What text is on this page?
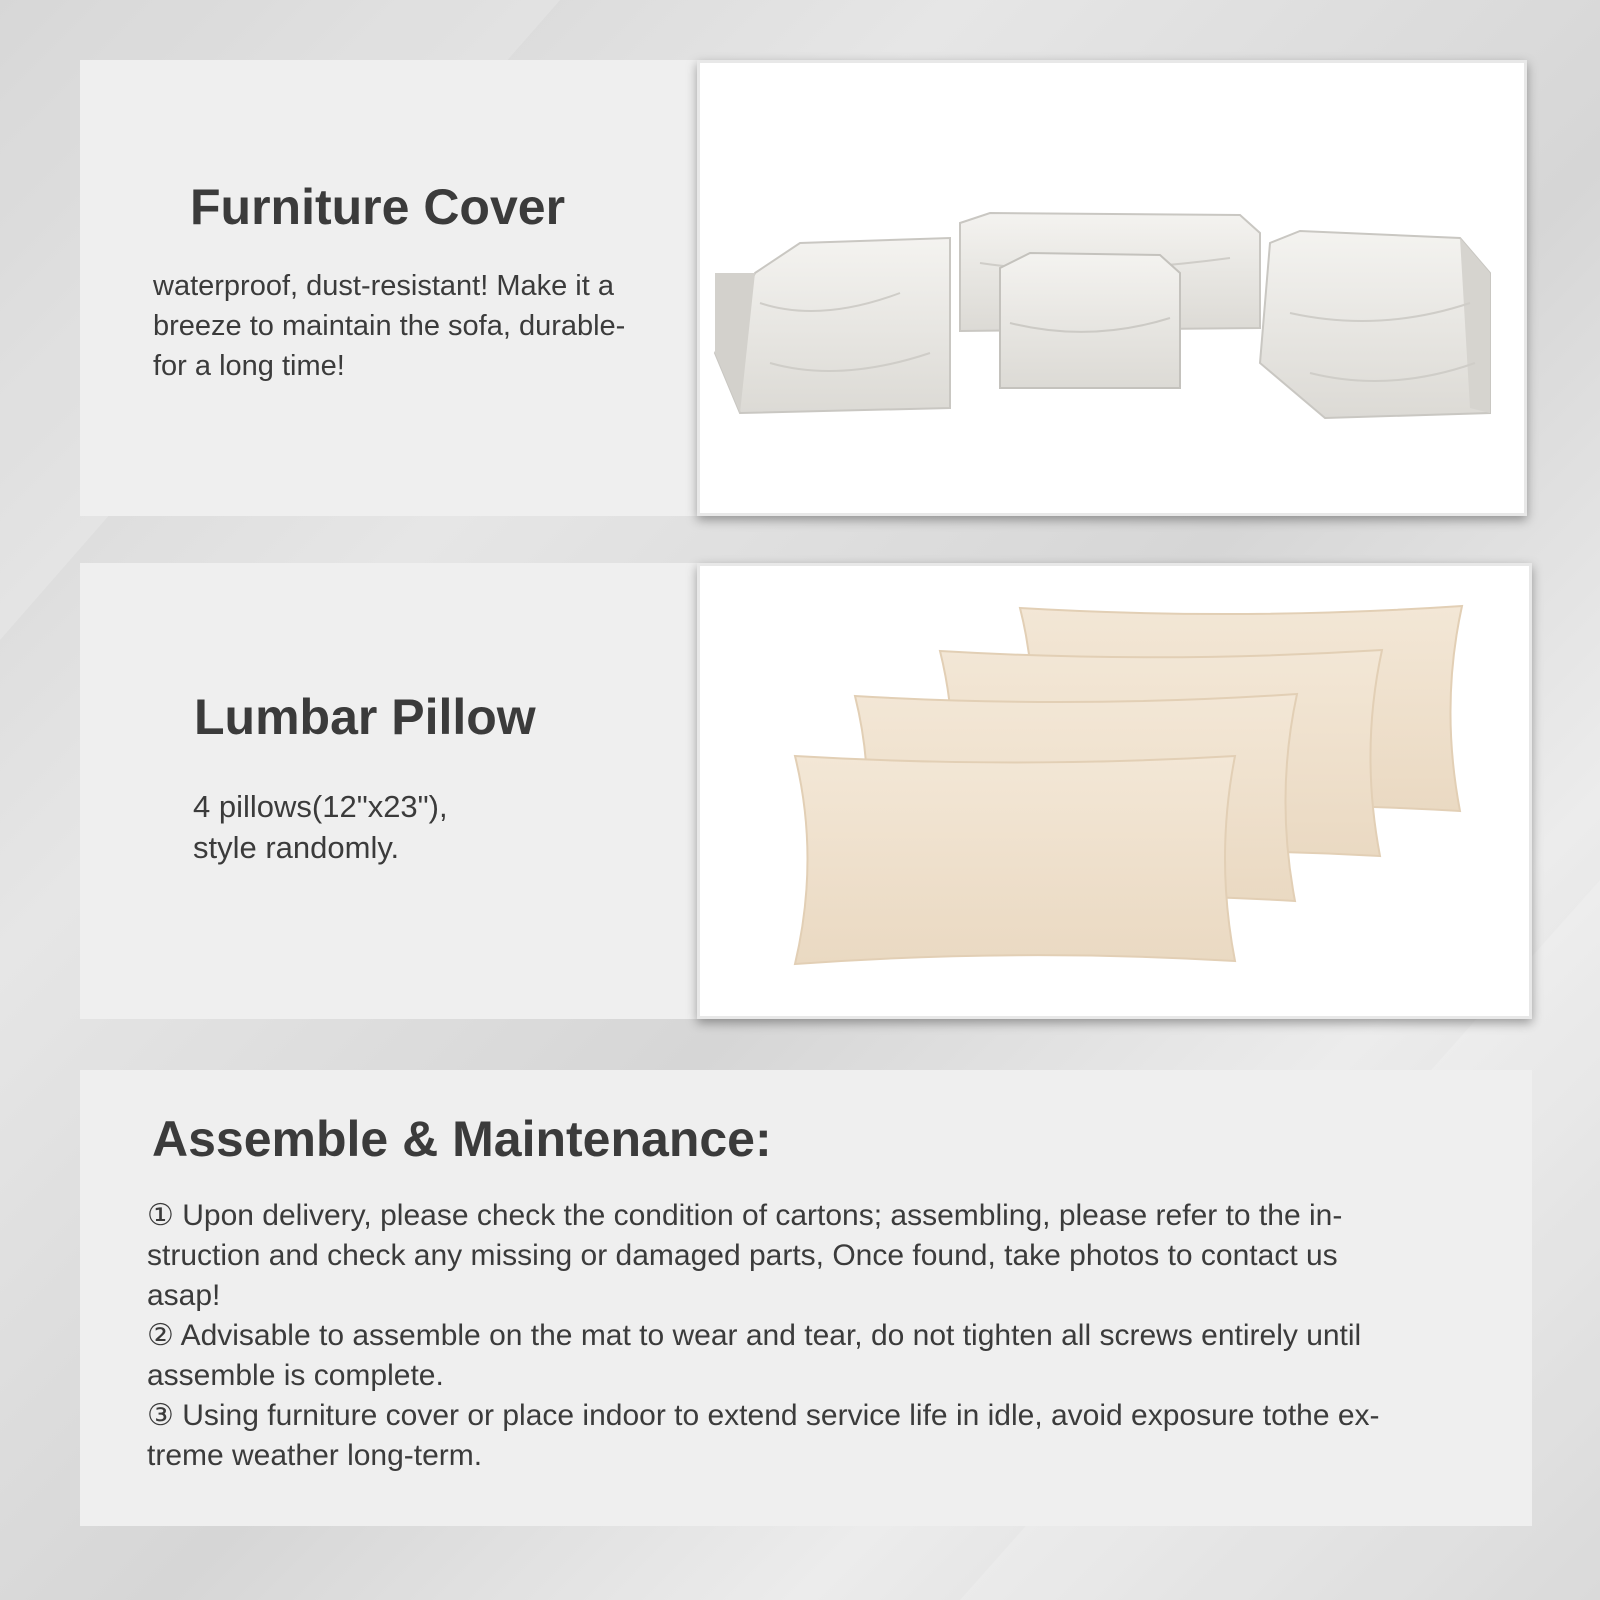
Furniture Cover
waterproof, dust-resistant! Make it a
breeze to maintain the sofa, durable-
for a long time!
Lumbar Pillow
4 pillows(12"x23"),
style randomly.
Assemble & Maintenance:

① Upon delivery, please check the condition of cartons; assembling, please refer to the in-

struction and check any missing or damaged parts, Once found, take photos to contact us

asap!

② Advisable to assemble on the mat to wear and tear, do not tighten all screws entirely until

assemble is complete.

③ Using furniture cover or place indoor to extend service life in idle, avoid exposure tothe ex-

treme weather long-term.
